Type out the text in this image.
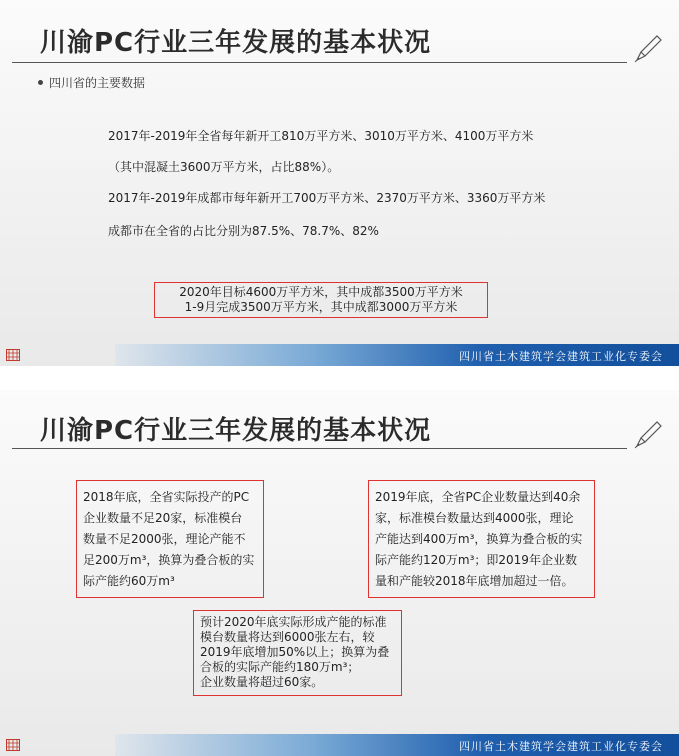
川渝PC行业三年发展的基本状况
四川省的主要数据
2017年-2019年全省每年新开工810万平方米、3010万平方米、4100万平方米
（其中混凝土3600万平方米，占比88%）。
2017年-2019年成都市每年新开工700万平方米、2370万平方米、3360万平方米
成都市在全省的占比分别为87.5%、78.7%、82%
2020年目标4600万平方米，其中成都3500万平方米
1-9月完成3500万平方米，其中成都3000万平方米
四川省土木建筑学会建筑工业化专委会
川渝PC行业三年发展的基本状况
2018年底，全省实际投产的PC
企业数量不足20家，标准模台
数量不足2000张，理论产能不
足200万m³，换算为叠合板的实
际产能约60万m³
2019年底，全省PC企业数量达到40余
家，标准模台数量达到4000张，理论
产能达到400万m³，换算为叠合板的实
际产能约120万m³；即2019年企业数
量和产能较2018年底增加超过一倍。
预计2020年底实际形成产能的标准
模台数量将达到6000张左右，较
2019年底增加50%以上；换算为叠
合板的实际产能约180万m³；
企业数量将超过60家。
四川省土木建筑学会建筑工业化专委会
